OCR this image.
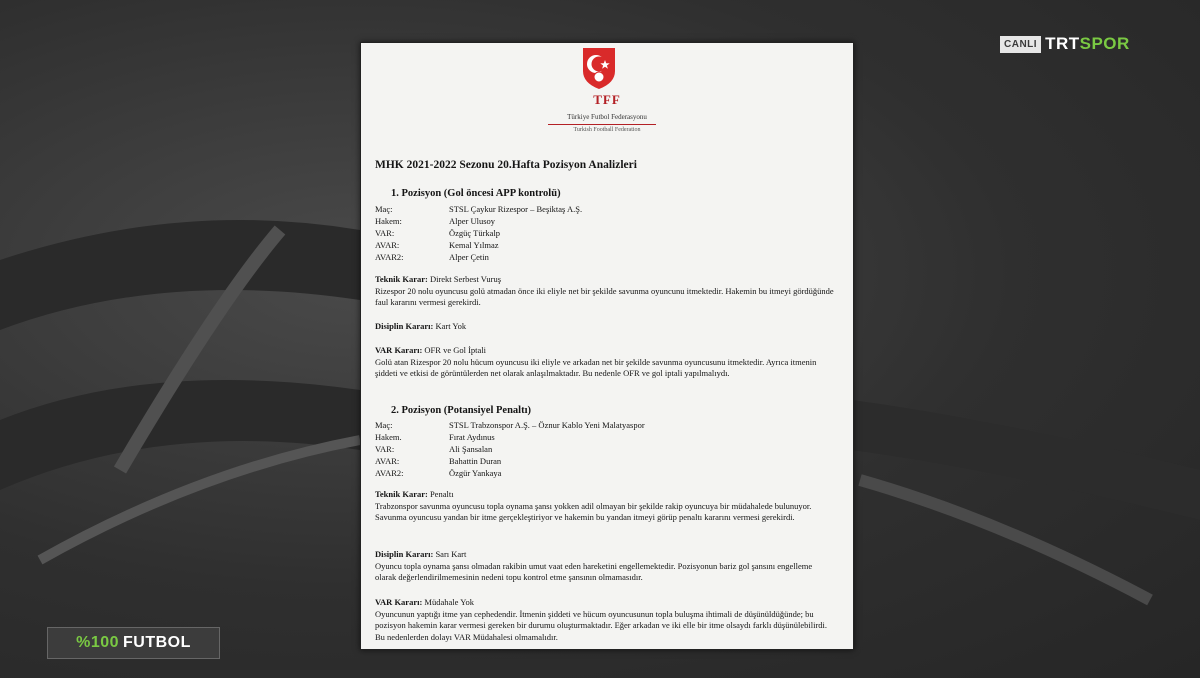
CANLI TRT SPOR
%100
FUTBOL
TFF
Türkiye Futbol Federasyonu
Turkish Football Federation
MHK 2021-2022 Sezonu 20.Hafta Pozisyon Analizleri
1. Pozisyon (Gol öncesi APP kontrolü)
Maç:	STSL Çaykur Rizespor – Beşiktaş A.Ş.
Hakem:	Alper Ulusoy
VAR:	Özgüç Türkalp
AVAR:	Kemal Yılmaz
AVAR2:	Alper Çetin
Teknik Karar: Direkt Serbest Vuruş
Rizespor 20 nolu oyuncusu golü atmadan önce iki eliyle net bir şekilde savunma oyuncunu itmektedir. Hakemin bu itmeyi gördüğünde faul kararını vermesi gerekirdi.
Disiplin Kararı: Kart Yok
VAR Kararı: OFR ve Gol İptali
Golü atan Rizespor 20 nolu hücum oyuncusu iki eliyle ve arkadan net bir şekilde savunma oyuncusunu itmektedir. Ayrıca itmenin şiddeti ve etkisi de görüntülerden net olarak anlaşılmaktadır. Bu nedenle OFR ve gol iptali yapılmalıydı.
2. Pozisyon (Potansiyel Penaltı)
Maç:	STSL Trabzonspor A.Ş. – Öznur Kablo Yeni Malatyaspor
Hakem.	Fırat Aydınus
VAR:	Ali Şansalan
AVAR:	Bahattin Duran
AVAR2:	Özgür Yankaya
Teknik Karar: Penaltı
Trabzonspor savunma oyuncusu topla oynama şansı yokken adil olmayan bir şekilde rakip oyuncuya bir müdahalede bulunuyor. Savunma oyuncusu yandan bir itme gerçekleştiriyor ve hakemin bu yandan itmeyi görüp penaltı kararını vermesi gerekirdi.
Disiplin Kararı: Sarı Kart
Oyuncu topla oynama şansı olmadan rakibin umut vaat eden hareketini engellemektedir. Pozisyonun bariz gol şansını engelleme olarak değerlendirilmemesinin nedeni topu kontrol etme şansının olmamasıdır.
VAR Kararı: Müdahale Yok
Oyuncunun yaptığı itme yan cephedendir. İtmenin şiddeti ve hücum oyuncusunun topla buluşma ihtimali de düşünüldüğünde; bu pozisyon hakemin karar vermesi gereken bir durumu oluşturmaktadır. Eğer arkadan ve iki elle bir itme olsaydı farklı düşünülebilirdi. Bu nedenlerden dolayı VAR Müdahalesi olmamalıdır.
